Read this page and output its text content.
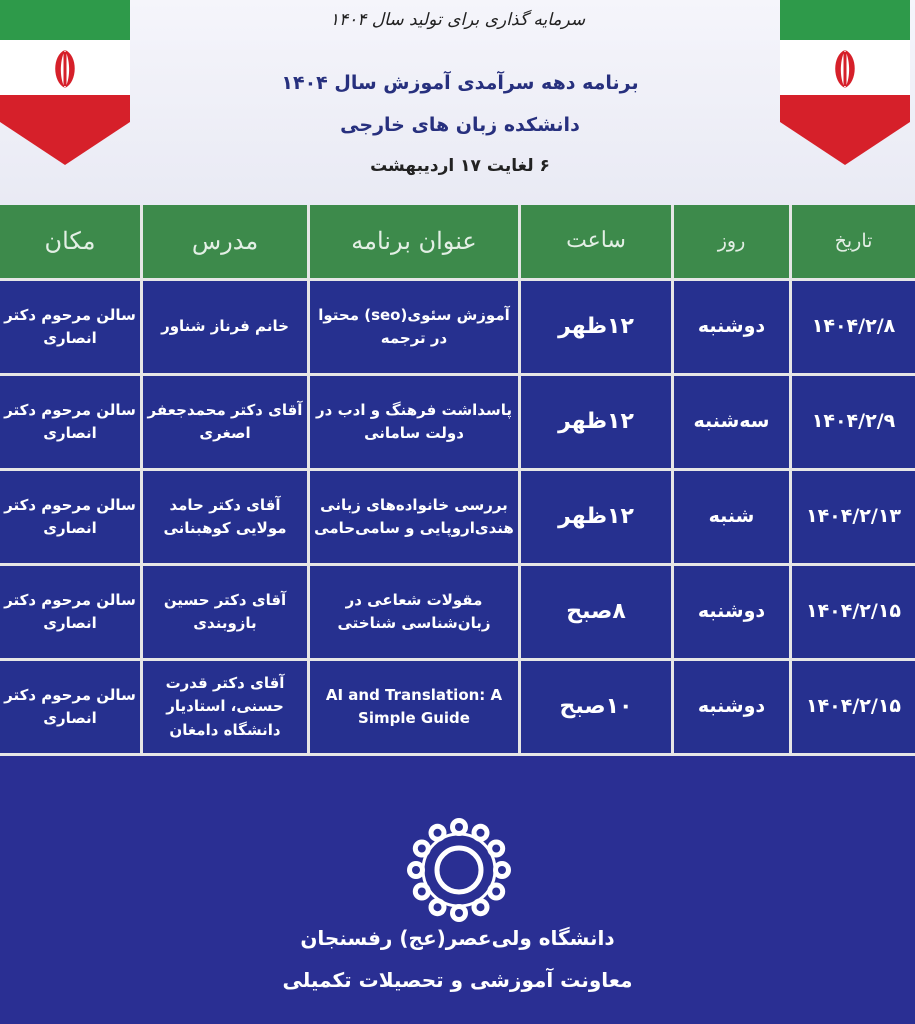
سرمایه گذاری برای تولید سال ۱۴۰۴
برنامه دهه سرآمدی آموزش سال ۱۴۰۴
دانشکده زبان های خارجی
۶ لغایت ۱۷ اردیبهشت
تاریخ
روز
ساعت
عنوان برنامه
مدرس
مکان
۱۴۰۴/۲/۸
دوشنبه
۱۲ظهر
آموزش سئوی(seo) محتوا در ترجمه
خانم فرناز شناور
سالن مرحوم دکتر انصاری
۱۴۰۴/۲/۹
سه‌شنبه
۱۲ظهر
پاسداشت فرهنگ و ادب در دولت سامانی
آقای دکتر محمدجعفر اصغری
سالن مرحوم دکتر انصاری
۱۴۰۴/۲/۱۳
شنبه
۱۲ظهر
بررسی خانواده‌های زبانی هندی‌اروپایی و سامی‌حامی
آقای دکتر حامد مولایی کوهبنانی
سالن مرحوم دکتر انصاری
۱۴۰۴/۲/۱۵
دوشنبه
۸صبح
مقولات شعاعی در زبان‌شناسی شناختی
آقای دکتر حسین بازوبندی
سالن مرحوم دکتر انصاری
۱۴۰۴/۲/۱۵
دوشنبه
۱۰صبح
AI and Translation: A Simple Guide
آقای دکتر قدرت حسنی، استادیار دانشگاه دامغان
سالن مرحوم دکتر انصاری
دانشگاه ولی‌عصر(عج) رفسنجان
معاونت آموزشی و تحصیلات تکمیلی
